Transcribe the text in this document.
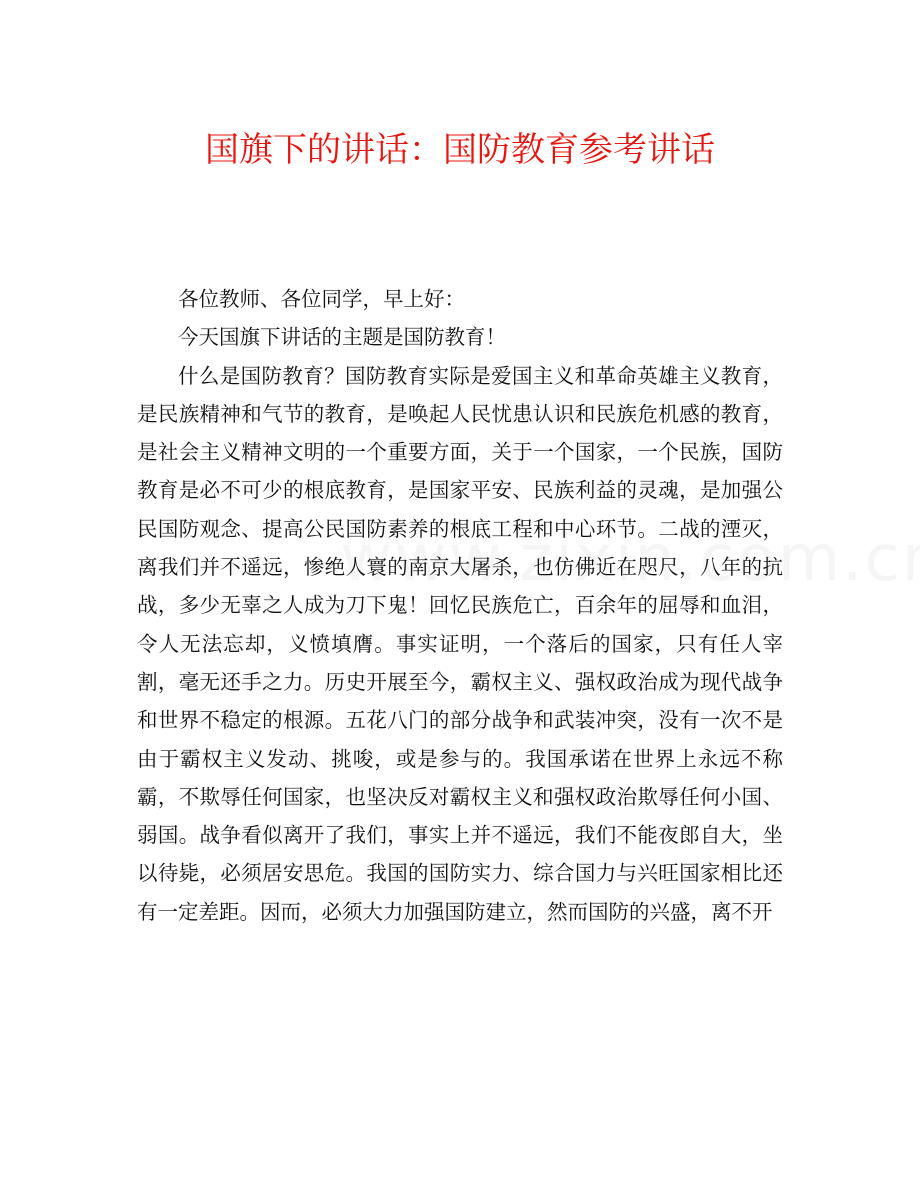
国旗下的讲话：国防教育参考讲话

各位教师、各位同学，早上好：

今天国旗下讲话的主题是国防教育！

什么是国防教育？国防教育实际是爱国主义和革命英雄主义教育，是民族精神和气节的教育，是唤起人民忧患认识和民族危机感的教育，是社会主义精神文明的一个重要方面，关于一个国家，一个民族，国防教育是必不可少的根底教育，是国家平安、民族利益的灵魂，是加强公民国防观念、提高公民国防素养的根底工程和中心环节。二战的湮灭，离我们并不遥远，惨绝人寰的南京大屠杀，也仿佛近在咫尺，八年的抗战，多少无辜之人成为刀下鬼！回忆民族危亡，百余年的屈辱和血泪，令人无法忘却，义愤填膺。事实证明，一个落后的国家，只有任人宰割，毫无还手之力。历史开展至今，霸权主义、强权政治成为现代战争和世界不稳定的根源。五花八门的部分战争和武装冲突，没有一次不是由于霸权主义发动、挑唆，或是参与的。我国承诺在世界上永远不称霸，不欺辱任何国家，也坚决反对霸权主义和强权政治欺辱任何小国、弱国。战争看似离开了我们，事实上并不遥远，我们不能夜郎自大，坐以待毙，必须居安思危。我国的国防实力、综合国力与兴旺国家相比还有一定差距。因而，必须大力加强国防建立，然而国防的兴盛，离不开
